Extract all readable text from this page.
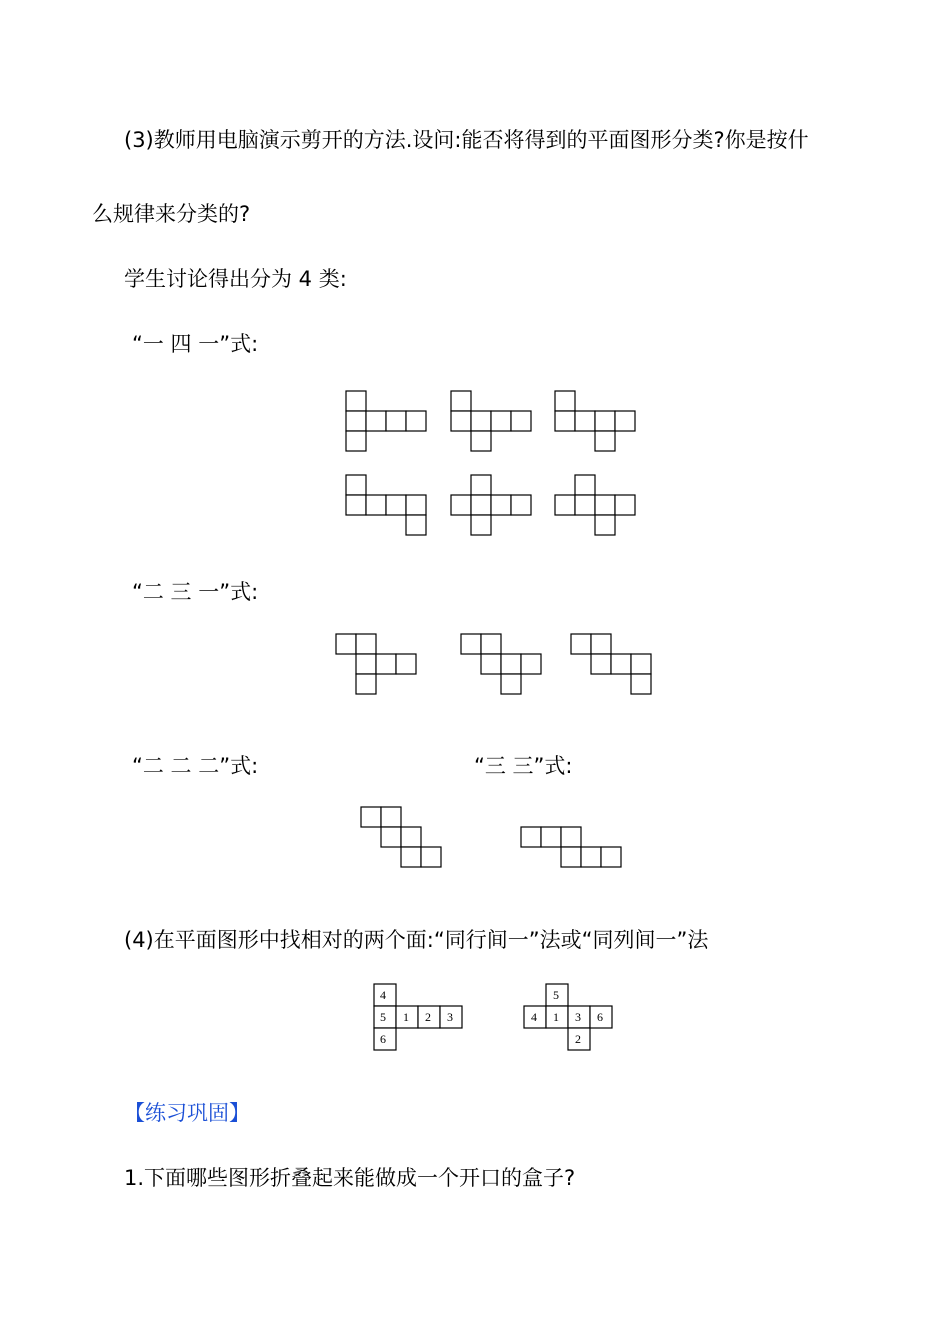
(3)教师用电脑演示剪开的方法.设问:能否将得到的平面图形分类?你是按什
么规律来分类的?
学生讨论得出分为 4 类:
“一 四 一”式:
“二 三 一”式:
“二 二 二”式:	“三 三”式:
(4)在平面图形中找相对的两个面:“同行间一”法或“同列间一”法
【练习巩固】
1.下面哪些图形折叠起来能做成一个开口的盒子?
4
5 1 2 3
6
5
4 1 3 6
2
